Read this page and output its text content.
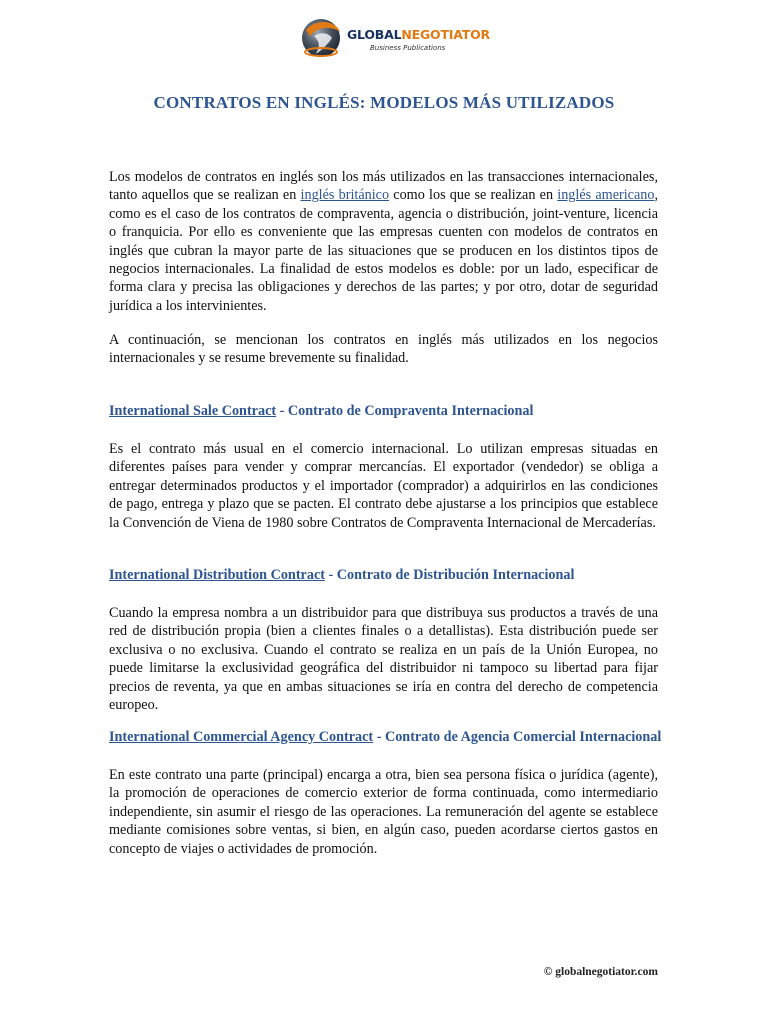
GLOBALNEGOTIATOR
Business Publications
CONTRATOS EN INGLÉS: MODELOS MÁS UTILIZADOS
Los modelos de contratos en inglés son los más utilizados en las transacciones internacionales, tanto aquellos que se realizan en inglés británico como los que se realizan en inglés americano, como es el caso de los contratos de compraventa, agencia o distribución, joint-venture, licencia o franquicia. Por ello es conveniente que las empresas cuenten con modelos de contratos en inglés que cubran la mayor parte de las situaciones que se producen en los distintos tipos de negocios internacionales. La finalidad de estos modelos es doble: por un lado, especificar de forma clara y precisa las obligaciones y derechos de las partes; y por otro, dotar de seguridad jurídica a los intervinientes.
A continuación, se mencionan los contratos en inglés más utilizados en los negocios internacionales y se resume brevemente su finalidad.
International Sale Contract - Contrato de Compraventa Internacional
Es el contrato más usual en el comercio internacional. Lo utilizan empresas situadas en diferentes países para vender y comprar mercancías. El exportador (vendedor) se obliga a entregar determinados productos y el importador (comprador) a adquirirlos en las condiciones de pago, entrega y plazo que se pacten. El contrato debe ajustarse a los principios que establece la Convención de Viena de 1980 sobre Contratos de Compraventa Internacional de Mercaderías.
International Distribution Contract - Contrato de Distribución Internacional
Cuando la empresa nombra a un distribuidor para que distribuya sus productos a través de una red de distribución propia (bien a clientes finales o a detallistas). Esta distribución puede ser exclusiva o no exclusiva. Cuando el contrato se realiza en un país de la Unión Europea, no puede limitarse la exclusividad geográfica del distribuidor ni tampoco su libertad para fijar precios de reventa, ya que en ambas situaciones se iría en contra del derecho de competencia europeo.
International Commercial Agency Contract - Contrato de Agencia Comercial Internacional
En este contrato una parte (principal) encarga a otra, bien sea persona física o jurídica (agente), la promoción de operaciones de comercio exterior de forma continuada, como intermediario independiente, sin asumir el riesgo de las operaciones. La remuneración del agente se establece mediante comisiones sobre ventas, si bien, en algún caso, pueden acordarse ciertos gastos en concepto de viajes o actividades de promoción.
© globalnegotiator.com
